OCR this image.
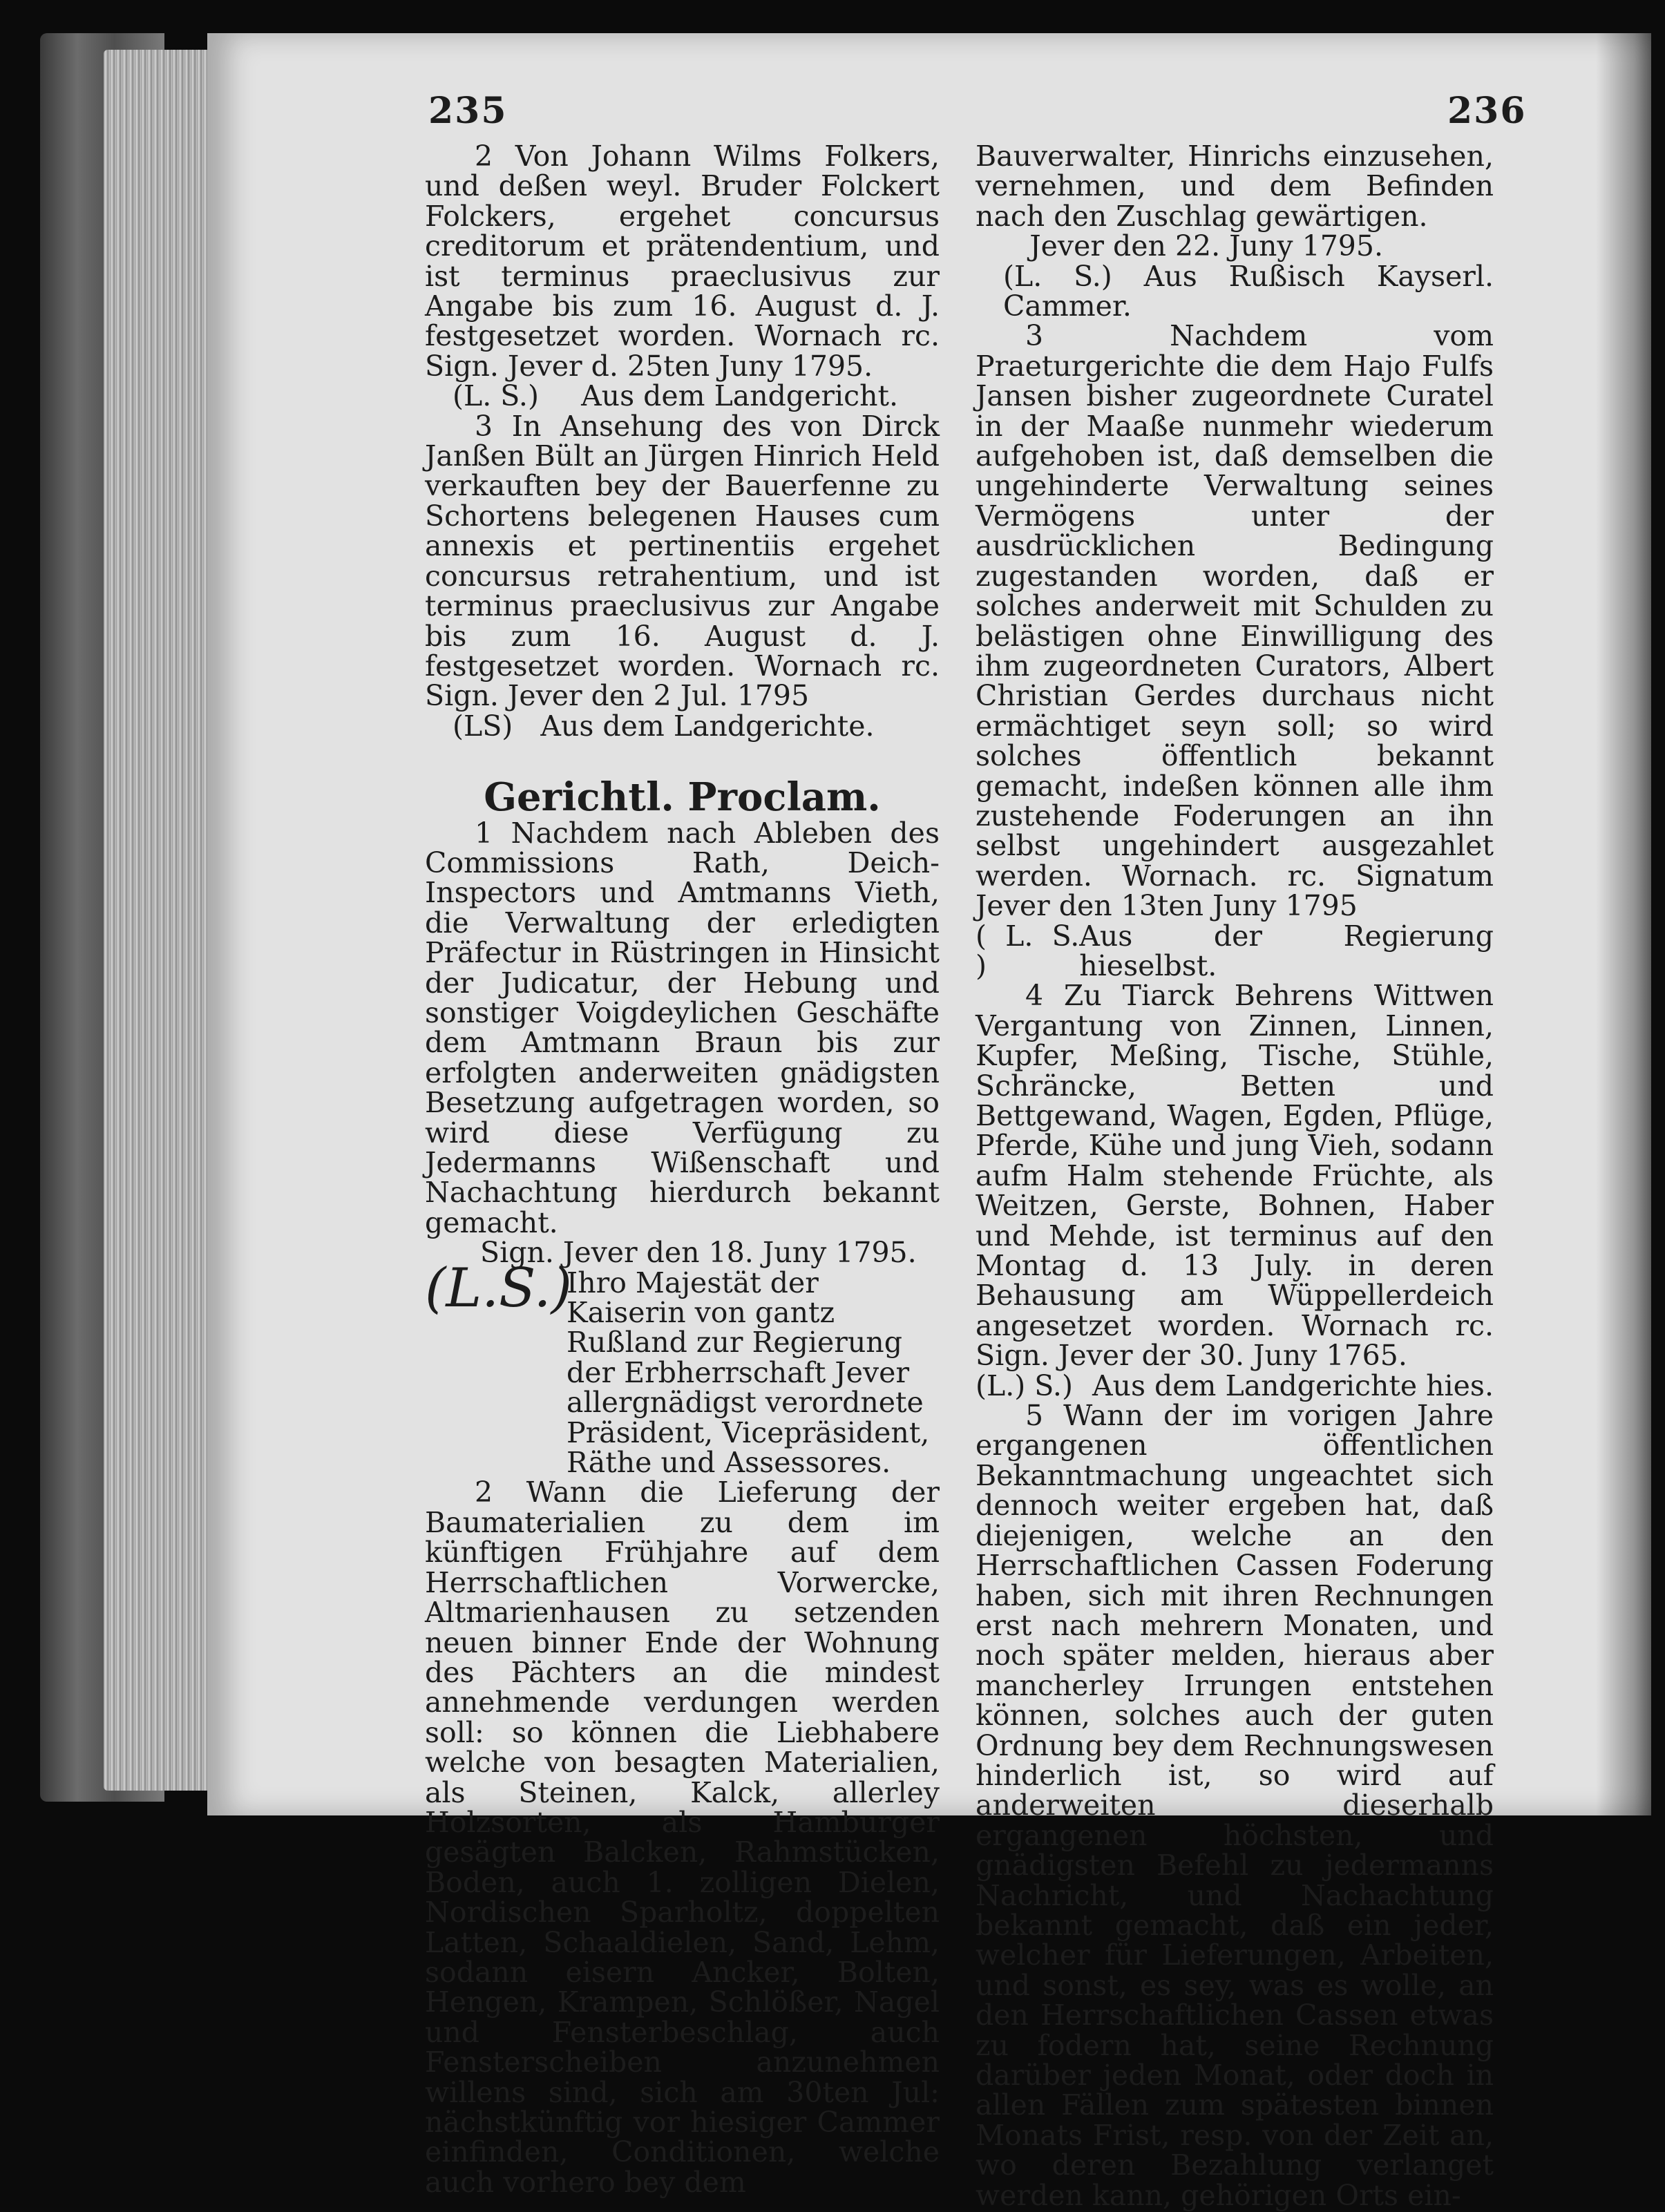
235	236

2 Von Johann Wilms Folkers, und deßen weyl. Bruder Folckert Folckers, ergehet concursus creditorum et prätendentium, und ist terminus praeclusivus zur Angabe bis zum 16. August d. J. festgesetzet worden. Wornach rc. Sign. Jever d. 25ten Juny 1795.

(L. S.) Aus dem Landgericht.

3 In Ansehung des von Dirck Janßen Bült an Jürgen Hinrich Held verkauften bey der Bauerfenne zu Schortens belegenen Hauses cum annexis et pertinentiis ergehet concursus retrahentium, und ist terminus praeclusivus zur Angabe bis zum 16. August d. J. festgesetzet worden. Wornach rc. Sign. Jever den 2 Jul. 1795

(LS) Aus dem Landgerichte.
Gerichtl. Proclam.

1 Nachdem nach Ableben des Commissions Rath, Deich-Inspectors und Amtmanns Vieth, die Verwaltung der erledigten Präfectur in Rüstringen in Hinsicht der Judicatur, der Hebung und sonstiger Voigdeylichen Geschäfte dem Amtmann Braun bis zur erfolgten anderweiten gnädigsten Besetzung aufgetragen worden, so wird diese Verfügung zu Jedermanns Wißenschaft und Nachachtung hierdurch bekannt gemacht.

Sign. Jever den 18. Juny 1795.

(L.S.)
Ihro Majestät der Kaiserin von gantz Rußland zur Regierung der Erbherrschaft Jever allergnädigst verordnete Präsident, Vicepräsident, Räthe und Assessores.

2 Wann die Lieferung der Baumaterialien zu dem im künftigen Frühjahre auf dem Herrschaftlichen Vorwercke, Altmarienhausen zu setzenden neuen binner Ende der Wohnung des Pächters an die mindest annehmende verdungen werden soll: so können die Liebhabere welche von besagten Materialien, als Steinen, Kalck, allerley Holzsorten, als Hamburger gesägten Balcken, Rahmstücken, Boden, auch 1. zolligen Dielen, Nordischen Sparholtz, doppelten Latten, Schaaldielen, Sand, Lehm, sodann eisern Ancker, Bolten, Hengen, Krampen, Schlößer, Nagel und Fensterbeschlag, auch Fensterscheiben anzunehmen willens sind, sich am 30ten Jul: nächstkünftig vor hiesiger Cammer einfinden, Conditionen, welche auch vorhero bey dem

Bauverwalter, Hinrichs einzusehen, vernehmen, und dem Befinden nach den Zuschlag gewärtigen.

Jever den 22. Juny 1795.

(L. S.) Aus Rußisch Kayserl. Cammer.

3 Nachdem vom Praeturgerichte die dem Hajo Fulfs Jansen bisher zugeordnete Curatel in der Maaße nunmehr wiederum aufgehoben ist, daß demselben die ungehinderte Verwaltung seines Vermögens unter der ausdrücklichen Bedingung zugestanden worden, daß er solches anderweit mit Schulden zu belästigen ohne Einwilligung des ihm zugeordneten Curators, Albert Christian Gerdes durchaus nicht ermächtiget seyn soll; so wird solches öffentlich bekannt gemacht, indeßen können alle ihm zustehende Foderungen an ihn selbst ungehindert ausgezahlet werden. Wornach. rc. Signatum Jever den 13ten Juny 1795

( L. S. )
Aus der Regierung hieselbst.

4 Zu Tiarck Behrens Wittwen Vergantung von Zinnen, Linnen, Kupfer, Meßing, Tische, Stühle, Schräncke, Betten und Bettgewand, Wagen, Egden, Pflüge, Pferde, Kühe und jung Vieh, sodann aufm Halm stehende Früchte, als Weitzen, Gerste, Bohnen, Haber und Mehde, ist terminus auf den Montag d. 13 July. in deren Behausung am Wüppellerdeich angesetzet worden. Wornach rc. Sign. Jever der 30. Juny 1765.

(L.) S.) Aus dem Landgerichte hies.

5 Wann der im vorigen Jahre ergangenen öffentlichen Bekanntmachung ungeachtet sich dennoch weiter ergeben hat, daß diejenigen, welche an den Herrschaftlichen Cassen Foderung haben, sich mit ihren Rechnungen erst nach mehrern Monaten, und noch später melden, hieraus aber mancherley Irrungen entstehen können, solches auch der guten Ordnung bey dem Rechnungswesen hinderlich ist, so wird auf anderweiten dieserhalb ergangenen höchsten, und gnädigsten Befehl zu jedermanns Nachricht, und Nachachtung bekannt gemacht, daß ein jeder, welcher für Lieferungen, Arbeiten, und sonst, es sey, was es wolle, an den Herrschaftlichen Cassen etwas zu fodern hat, seine Rechnung darüber jeden Monat, oder doch in allen Fällen zum spätesten binnen Monats Frist, resp. von der Zeit an, wo deren Bezahlung verlanget werden kann, gehörigen Orts ein-
